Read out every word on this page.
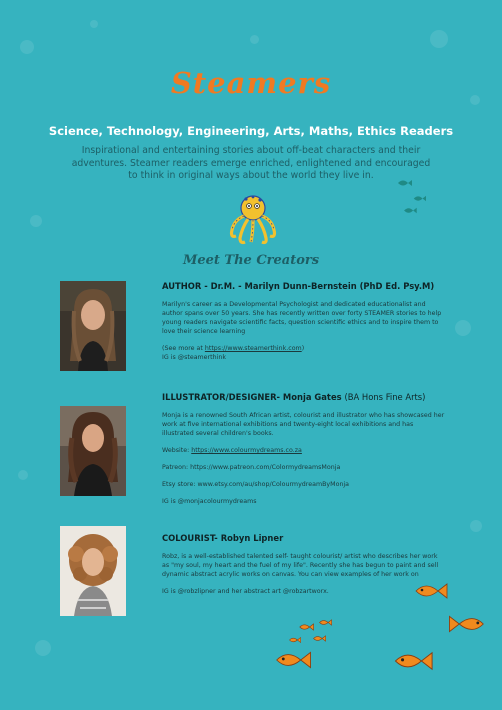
Steamers
Science, Technology, Engineering, Arts, Maths, Ethics Readers
Inspirational and entertaining stories about off-beat characters and their adventures. Steamer readers emerge enriched, enlightened and encouraged to think in original ways about the world they live in.
Meet The Creators
AUTHOR - Dr.M. - Marilyn Dunn-Bernstein (PhD Ed. Psy.M)

Marilyn's career as a Developmental Psychologist and dedicated educationalist and author spans over 50 years. She has recently written over forty STEAMER stories to help young readers navigate scientific facts, question scientific ethics and to inspire them to love their science learning

(See more at https://www.steamerthink.com)

IG is @steamerthink

ILLUSTRATOR/DESIGNER- Monja Gates (BA Hons Fine Arts)

Monja is a renowned South African artist, colourist and illustrator who has showcased her work at five international exhibitions and twenty-eight local exhibitions and has illustrated several children's books.

Website: https://www.colourmydreams.co.za

Patreon: https://www.patreon.com/ColormydreamsMonja

Etsy store: www.etsy.com/au/shop/ColourmydreamByMonja

IG is @monjacolourmydreams

COLOURIST- Robyn Lipner

Robz, is a well-established talented self- taught colourist/ artist who describes her work as "my soul, my heart and the fuel of my life". Recently she has begun to paint and sell dynamic abstract acrylic works on canvas. You can view examples of her work on

IG is @robzlipner and her abstract art @robzartworx.
